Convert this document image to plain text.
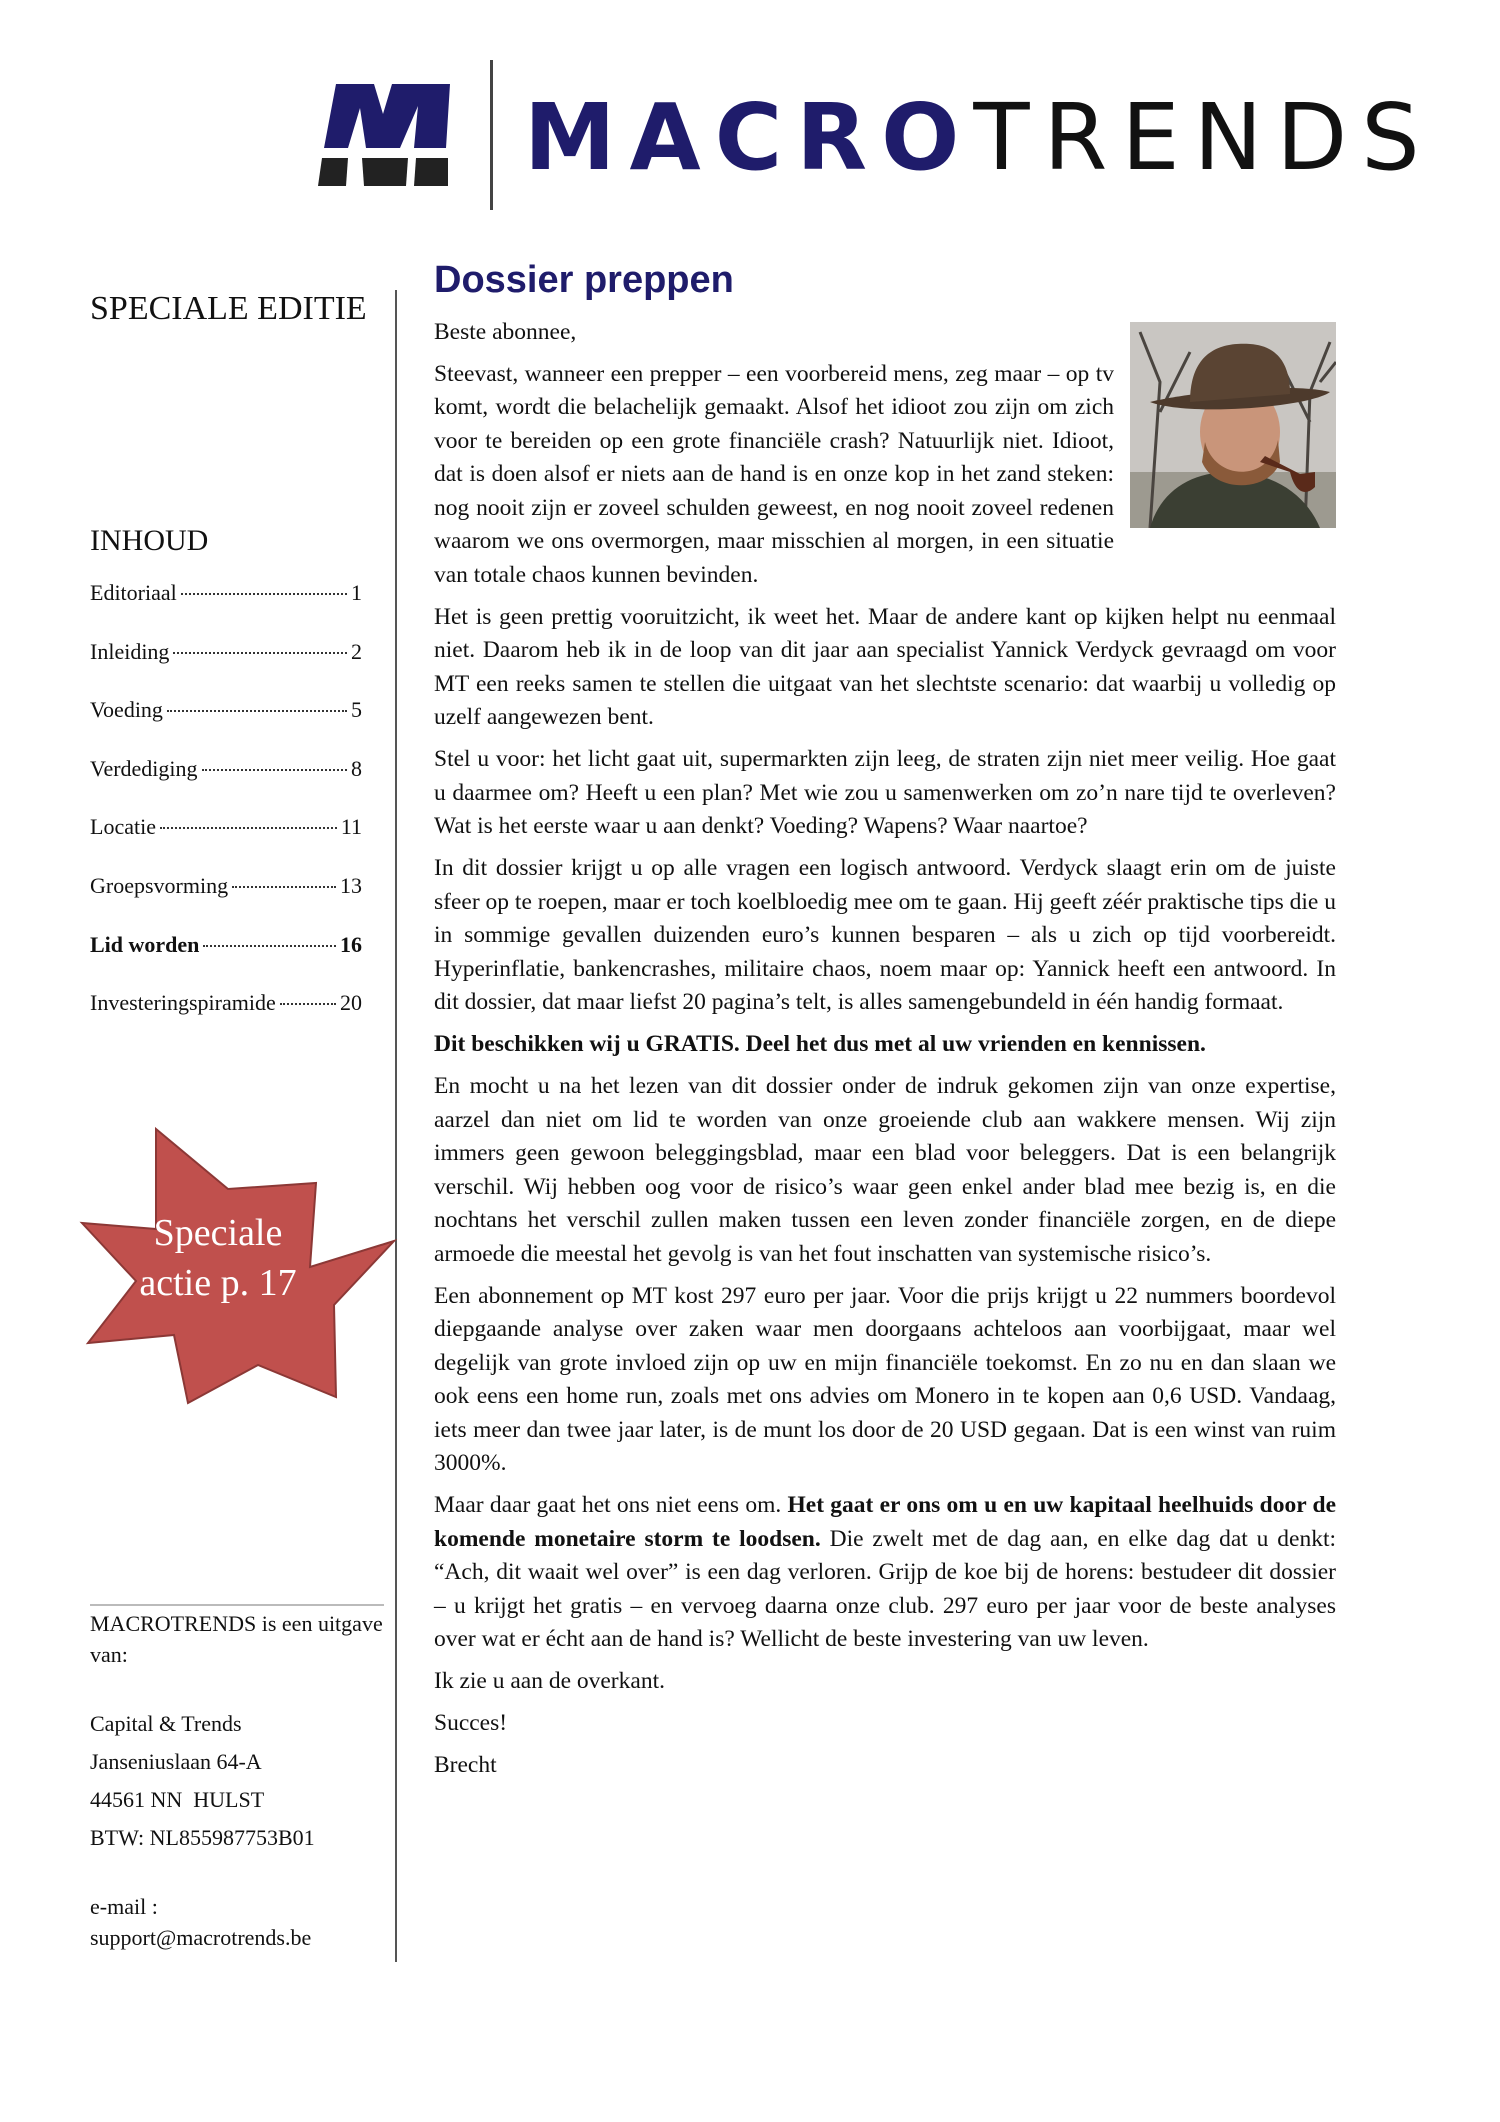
MACROTRENDS
SPECIALE EDITIE
INHOUD
Editoriaal	1
Inleiding	2
Voeding	5
Verdediging	8
Locatie	11
Groepsvorming	13
Lid worden	16
Investeringspiramide	20
Speciale
actie p. 17
MACROTRENDS is een uitgave van:
Capital & Trends
Janseniuslaan 64-A
44561 NN  HULST
BTW: NL855987753B01
e-mail :
support@macrotrends.be
Dossier preppen

Beste abonnee,

Steevast, wanneer een prepper – een voorbereid mens, zeg maar – op tv komt, wordt die belachelijk gemaakt. Alsof het idioot zou zijn om zich voor te bereiden op een grote financiële crash? Natuurlijk niet. Idioot, dat is doen alsof er niets aan de hand is en onze kop in het zand steken: nog nooit zijn er zoveel schulden geweest, en nog nooit zoveel redenen waarom we ons overmorgen, maar misschien al morgen, in een situatie van totale chaos kunnen bevinden.

Het is geen prettig vooruitzicht, ik weet het. Maar de andere kant op kijken helpt nu eenmaal niet. Daarom heb ik in de loop van dit jaar aan specialist Yannick Verdyck gevraagd om voor MT een reeks samen te stellen die uitgaat van het slechtste scenario: dat waarbij u volledig op uzelf aangewezen bent.

Stel u voor: het licht gaat uit, supermarkten zijn leeg, de straten zijn niet meer veilig. Hoe gaat u daarmee om? Heeft u een plan? Met wie zou u samenwerken om zo’n nare tijd te overleven? Wat is het eerste waar u aan denkt? Voeding? Wapens? Waar naartoe?

In dit dossier krijgt u op alle vragen een logisch antwoord. Verdyck slaagt erin om de juiste sfeer op te roepen, maar er toch koelbloedig mee om te gaan. Hij geeft zéér praktische tips die u in sommige gevallen duizenden euro’s kunnen besparen – als u zich op tijd voorbereidt. Hyperinflatie, bankencrashes, militaire chaos, noem maar op: Yannick heeft een antwoord. In dit dossier, dat maar liefst 20 pagina’s telt, is alles samengebundeld in één handig formaat.

Dit beschikken wij u GRATIS. Deel het dus met al uw vrienden en kennissen.

En mocht u na het lezen van dit dossier onder de indruk gekomen zijn van onze expertise, aarzel dan niet om lid te worden van onze groeiende club aan wakkere mensen. Wij zijn immers geen gewoon beleggingsblad, maar een blad voor beleggers. Dat is een belangrijk verschil. Wij hebben oog voor de risico’s waar geen enkel ander blad mee bezig is, en die nochtans het verschil zullen maken tussen een leven zonder financiële zorgen, en de diepe armoede die meestal het gevolg is van het fout inschatten van systemische risico’s.

Een abonnement op MT kost 297 euro per jaar. Voor die prijs krijgt u 22 nummers boordevol diepgaande analyse over zaken waar men doorgaans achteloos aan voorbijgaat, maar wel degelijk van grote invloed zijn op uw en mijn financiële toekomst. En zo nu en dan slaan we ook eens een home run, zoals met ons advies om Monero in te kopen aan 0,6 USD. Vandaag, iets meer dan twee jaar later, is de munt los door de 20 USD gegaan. Dat is een winst van ruim 3000%.

Maar daar gaat het ons niet eens om. Het gaat er ons om u en uw kapitaal heelhuids door de komende monetaire storm te loodsen. Die zwelt met de dag aan, en elke dag dat u denkt: “Ach, dit waait wel over” is een dag verloren. Grijp de koe bij de horens: bestudeer dit dossier – u krijgt het gratis – en vervoeg daarna onze club. 297 euro per jaar voor de beste analyses over wat er écht aan de hand is? Wellicht de beste investering van uw leven.

Ik zie u aan de overkant.

Succes!

Brecht
